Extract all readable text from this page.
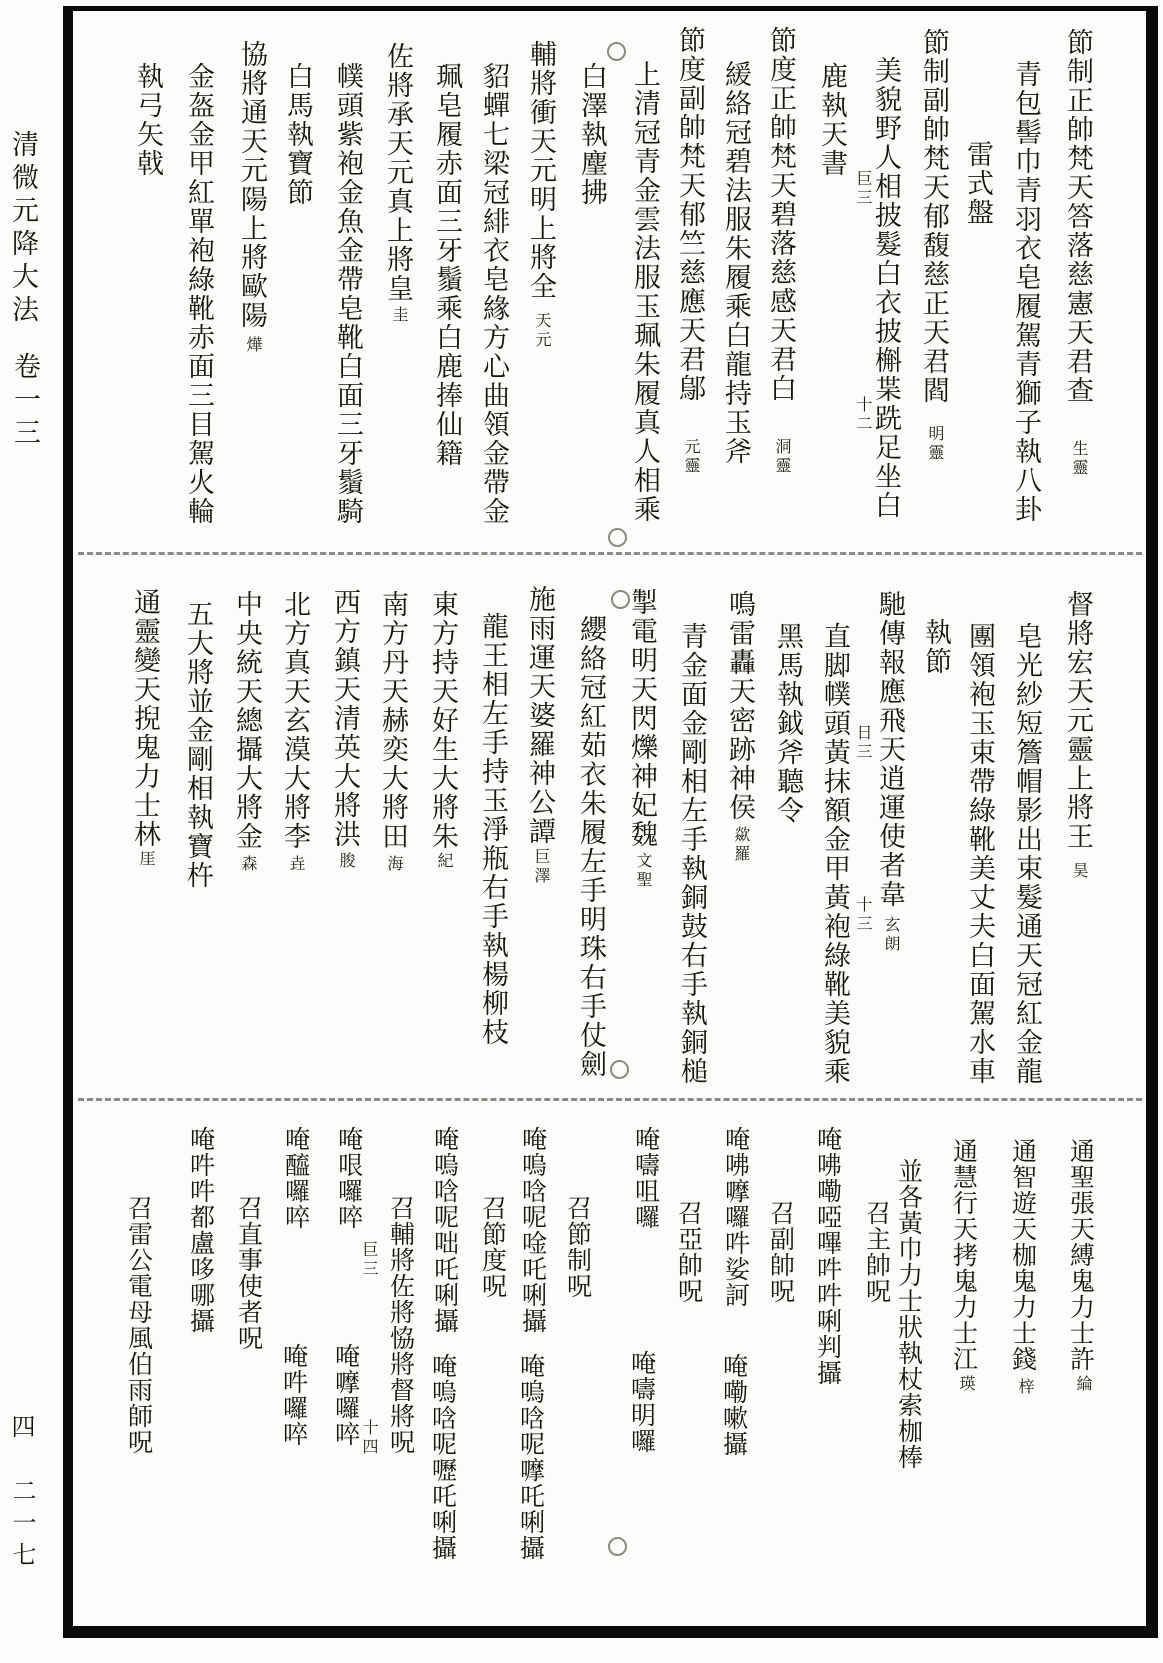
清微元降大法
卷一三
四
二一七
節制正帥梵天答落慈憲天君查
生靈
青包髻巾青羽衣皂履駕青獅子執八卦
雷式盤
節制副帥梵天郁馥慈正天君閻
明靈
美貌野人相披髮白衣披槲枼跣足坐白
巨三
十二
鹿執天書
節度正帥梵天碧落慈感天君白
洞靈
緩絡冠碧法服朱履乘白龍持玉斧
節度副帥梵天郁竺慈應天君鄔
元靈
上清冠青金雲法服玉珮朱履真人相乘
白澤執麈拂
輔將衝天元明上將全
天元
貂蟬七梁冠緋衣皂緣方心曲領金帶金
珮皂履赤面三牙鬚乘白鹿捧仙籍
佐將承天元真上將皇
圭
幞頭紫袍金魚金帶皂靴白面三牙鬚騎
白馬執寶節
協將通天元陽上將歐陽
燁
金盔金甲紅單袍綠靴赤面三目駕火輪
執弓矢戟
督將宏天元靈上將王
昊
皂光紗短簷帽影出束髮通天冠紅金龍
團領袍玉束帶綠靴美丈夫白面駕水車
執節
馳傳報應飛天逍運使者韋
玄朗
日三
十三
直脚幞頭黃抹額金甲黃袍綠靴美貌乘
黑馬執鉞斧聽令
鳴雷轟天密跡神侯
歘羅
青金面金剛相左手執銅鼓右手執銅槌
掣電明天閃爍神妃魏
文聖
纓絡冠紅茹衣朱履左手明珠右手仗劍
施雨運天婆羅神公譚
巨澤
龍王相左手持玉淨瓶右手執楊柳枝
東方持天好生大將朱
紀
南方丹天赫奕大將田
海
西方鎮天清英大將洪
朘
北方真天玄漠大將李
垚
中央統天總攝大將金
森
五大將並金剛相執寶杵
通靈變天掜鬼力士林
厓
通聖張天縛鬼力士許
綸
通智遊天枷鬼力士錢
梓
通慧行天拷鬼力士江
瑛
並各黃巾力士狀執杖索枷棒
召主帥呪
唵咈嘞啞嗶吽吽唎判攝
召副帥呪
唵咈嚤囉吽娑訶
唵嘞嗽攝
召亞帥呪
唵嚋咀囉
唵嚋明囉
召節制呪
唵嗚唅呢唫吒唎攝
唵嗚唅呢嚤吒唎攝
召節度呪
唵嗚唅呢咄吒唎攝
唵嗚唅呢嚦吒唎攝
召輔將佐將恊將督將呪
巨三
十四
唵哏囉啐
唵嚤囉啐
唵醯囉啐
唵吽囉啐
召直事使者呪
唵吽吽都盧哆哪攝
召雷公電母風伯雨師呪
